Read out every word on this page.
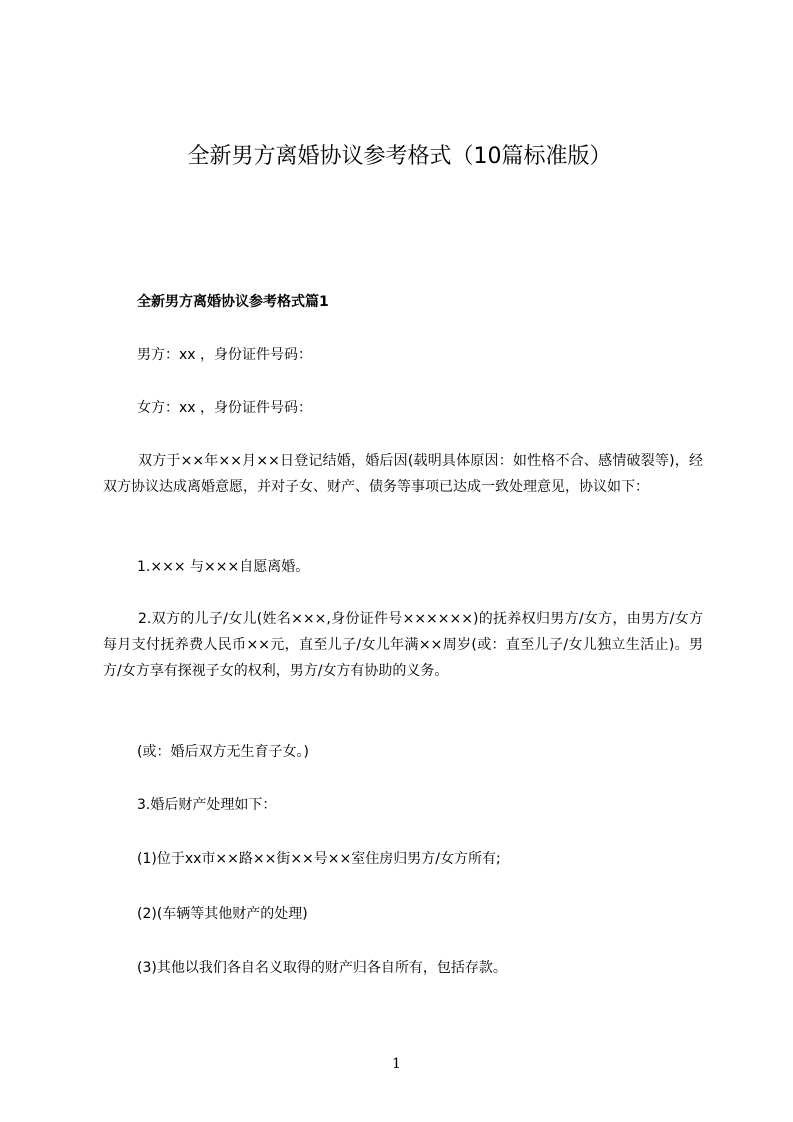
全新男方离婚协议参考格式（10篇标准版）

全新男方离婚协议参考格式篇1

男方：xx ，身份证件号码：

女方：xx ，身份证件号码：

双方于××年××月××日登记结婚，婚后因(载明具体原因：如性格不合、感情破裂等)，经双方协议达成离婚意愿，并对子女、财产、债务等事项已达成一致处理意见，协议如下：

1.××× 与×××自愿离婚。

2.双方的儿子/女儿(姓名×××,身份证件号××××××)的抚养权归男方/女方，由男方/女方每月支付抚养费人民币××元，直至儿子/女儿年满××周岁(或：直至儿子/女儿独立生活止)。男方/女方享有探视子女的权利，男方/女方有协助的义务。

(或：婚后双方无生育子女。)

3.婚后财产处理如下：

(1)位于xx市××路××街××号××室住房归男方/女方所有;

(2)(车辆等其他财产的处理)

(3)其他以我们各自名义取得的财产归各自所有，包括存款。

1
